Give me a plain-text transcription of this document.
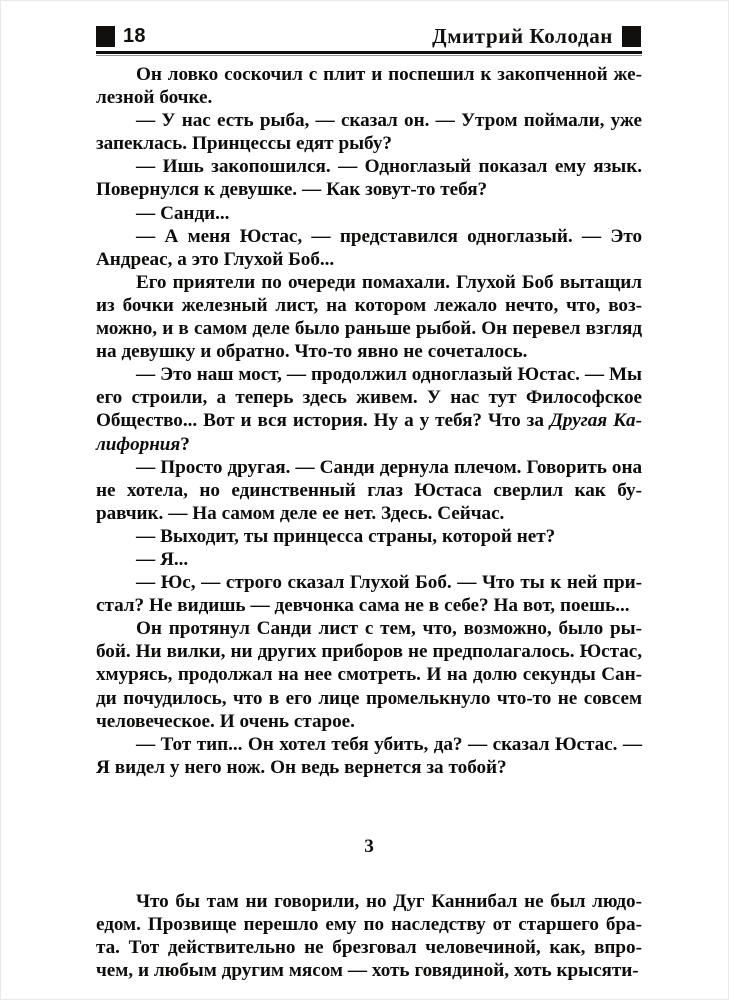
18	Дмитрий Колодан

Он ловко соскочил с плит и поспешил к закопченной железной бочке.

— У нас есть рыба, — сказал он. — Утром поймали, уже запеклась. Принцессы едят рыбу?

— Ишь закопошился. — Одноглазый показал ему язык. Повернулся к девушке. — Как зовут-то тебя?

— Санди...

— А меня Юстас, — представился одноглазый. — Это Андреас, а это Глухой Боб...

Его приятели по очереди помахали. Глухой Боб вытащил из бочки железный лист, на котором лежало нечто, что, возможно, и в самом деле было раньше рыбой. Он перевел взгляд на девушку и обратно. Что-то явно не сочеталось.

— Это наш мост, — продолжил одноглазый Юстас. — Мы его строили, а теперь здесь живем. У нас тут Философское Общество... Вот и вся история. Ну а у тебя? Что за Другая Калифорния?

— Просто другая. — Санди дернула плечом. Говорить она не хотела, но единственный глаз Юстаса сверлил как буравчик. — На самом деле ее нет. Здесь. Сейчас.

— Выходит, ты принцесса страны, которой нет?

— Я...

— Юс, — строго сказал Глухой Боб. — Что ты к ней пристал? Не видишь — девчонка сама не в себе? На вот, поешь...

Он протянул Санди лист с тем, что, возможно, было рыбой. Ни вилки, ни других приборов не предполагалось. Юстас, хмурясь, продолжал на нее смотреть. И на долю секунды Санди почудилось, что в его лице промелькнуло что-то не совсем человеческое. И очень старое.

— Тот тип... Он хотел тебя убить, да? — сказал Юстас. — Я видел у него нож. Он ведь вернется за тобой?

3

Что бы там ни говорили, но Дуг Каннибал не был людоедом. Прозвище перешло ему по наследству от старшего брата. Тот действительно не брезговал человечиной, как, впрочем, и любым другим мясом — хоть говядиной, хоть крысяти-
